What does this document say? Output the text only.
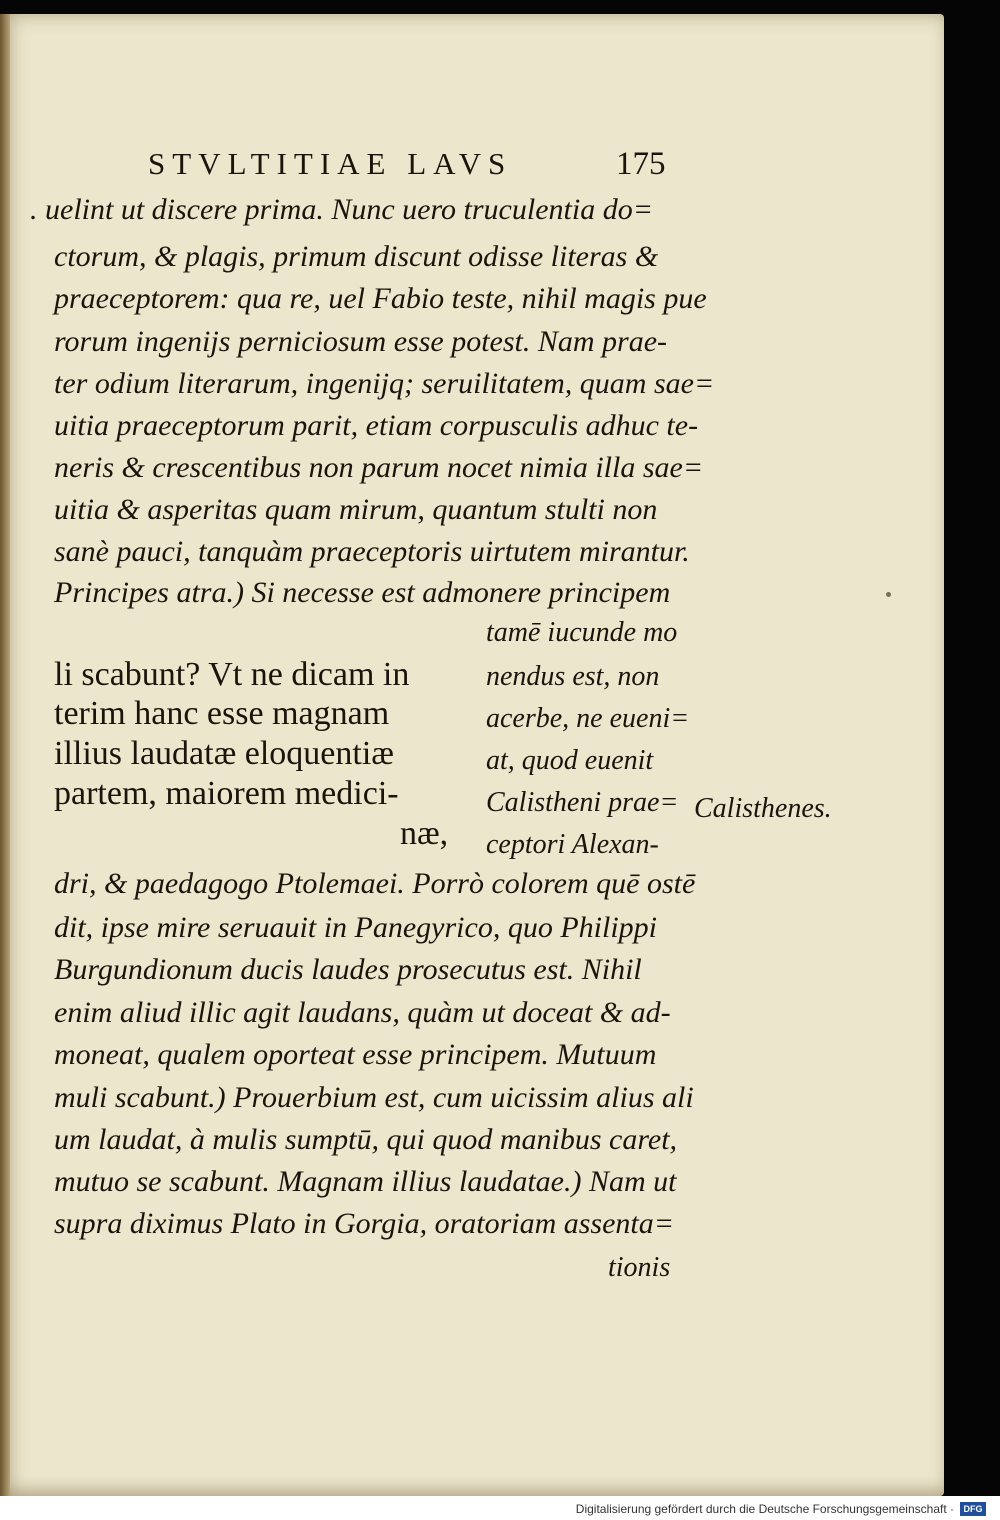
STVLTITIAE LAVS	175
. uelint ut discere prima. Nunc uero truculentia do=
ctorum, & plagis, primum discunt odisse literas &
praeceptorem: qua re, uel Fabio teste, nihil magis pue
rorum ingenijs perniciosum esse potest. Nam prae-
ter odium literarum, ingenijq; seruilitatem, quam sae=
uitia praeceptorum parit, etiam corpusculis adhuc te-
neris & crescentibus non parum nocet nimia illa sae=
uitia & asperitas quam mirum, quantum stulti non
sanè pauci, tanquàm praeceptoris uirtutem mirantur.
Principes atra.) Si necesse est admonere principem
li scabunt? Vt ne dicam in
terim hanc esse magnam
illius laudatæ eloquentiæ
partem, maiorem medici-
næ,
tamē iucunde mo
nendus est, non
acerbe, ne eueni=
at, quod euenit
Calistheni prae=
ceptori Alexan-
Calisthenes.
dri, & paedagogo Ptolemaei. Porrò colorem quē ostē
dit, ipse mire seruauit in Panegyrico, quo Philippi
Burgundionum ducis laudes prosecutus est. Nihil
enim aliud illic agit laudans, quàm ut doceat & ad-
moneat, qualem oporteat esse principem. Mutuum
muli scabunt.) Prouerbium est, cum uicissim alius ali
um laudat, à mulis sumptū, qui quod manibus caret,
mutuo se scabunt. Magnam illius laudatae.) Nam ut
supra diximus Plato in Gorgia, oratoriam assenta=
tionis
Digitalisierung gefördert durch die Deutsche Forschungsgemeinschaft ·	DFG
